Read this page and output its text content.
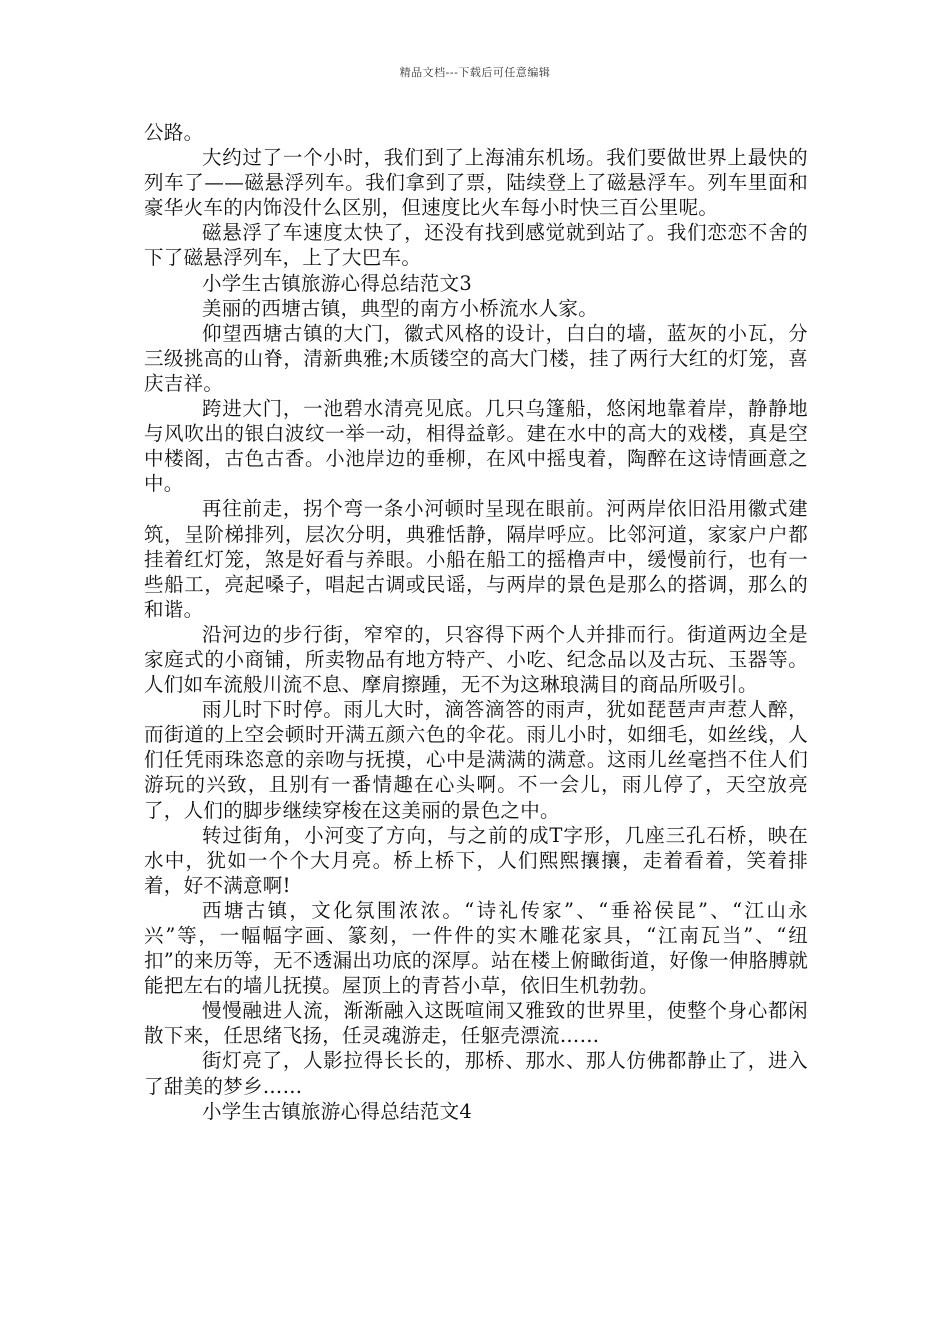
精品文档---下载后可任意编辑

公路。

大约过了一个小时，我们到了上海浦东机场。我们要做世界上最快的列车了——磁悬浮列车。我们拿到了票，陆续登上了磁悬浮车。列车里面和豪华火车的内饰没什么区别，但速度比火车每小时快三百公里呢。

磁悬浮了车速度太快了，还没有找到感觉就到站了。我们恋恋不舍的下了磁悬浮列车，上了大巴车。

小学生古镇旅游心得总结范文3

美丽的西塘古镇，典型的南方小桥流水人家。

仰望西塘古镇的大门，徽式风格的设计，白白的墙，蓝灰的小瓦，分三级挑高的山脊，清新典雅;木质镂空的高大门楼，挂了两行大红的灯笼，喜庆吉祥。

跨进大门，一池碧水清亮见底。几只乌篷船，悠闲地靠着岸，静静地与风吹出的银白波纹一举一动，相得益彰。建在水中的高大的戏楼，真是空中楼阁，古色古香。小池岸边的垂柳，在风中摇曳着，陶醉在这诗情画意之中。

再往前走，拐个弯一条小河顿时呈现在眼前。河两岸依旧沿用徽式建筑，呈阶梯排列，层次分明，典雅恬静，隔岸呼应。比邻河道，家家户户都挂着红灯笼，煞是好看与养眼。小船在船工的摇橹声中，缓慢前行，也有一些船工，亮起嗓子，唱起古调或民谣，与两岸的景色是那么的搭调，那么的和谐。

沿河边的步行街，窄窄的，只容得下两个人并排而行。街道两边全是家庭式的小商铺，所卖物品有地方特产、小吃、纪念品以及古玩、玉器等。人们如车流般川流不息、摩肩擦踵，无不为这琳琅满目的商品所吸引。

雨儿时下时停。雨儿大时，滴答滴答的雨声，犹如琵琶声声惹人醉，而街道的上空会顿时开满五颜六色的伞花。雨儿小时，如细毛，如丝线，人们任凭雨珠恣意的亲吻与抚摸，心中是满满的满意。这雨儿丝毫挡不住人们游玩的兴致，且别有一番情趣在心头啊。不一会儿，雨儿停了，天空放亮了，人们的脚步继续穿梭在这美丽的景色之中。

转过街角，小河变了方向，与之前的成T字形，几座三孔石桥，映在水中，犹如一个个大月亮。桥上桥下，人们熙熙攘攘，走着看着，笑着排着，好不满意啊!

西塘古镇，文化氛围浓浓。“诗礼传家”、“垂裕侯昆”、“江山永兴”等，一幅幅字画、篆刻，一件件的实木雕花家具，“江南瓦当”、“纽扣”的来历等，无不透漏出功底的深厚。站在楼上俯瞰街道，好像一伸胳膊就能把左右的墙儿抚摸。屋顶上的青苔小草，依旧生机勃勃。

慢慢融进人流，渐渐融入这既喧闹又雅致的世界里，使整个身心都闲散下来，任思绪飞扬，任灵魂游走，任躯壳漂流……

街灯亮了，人影拉得长长的，那桥、那水、那人仿佛都静止了，进入了甜美的梦乡……

小学生古镇旅游心得总结范文4
